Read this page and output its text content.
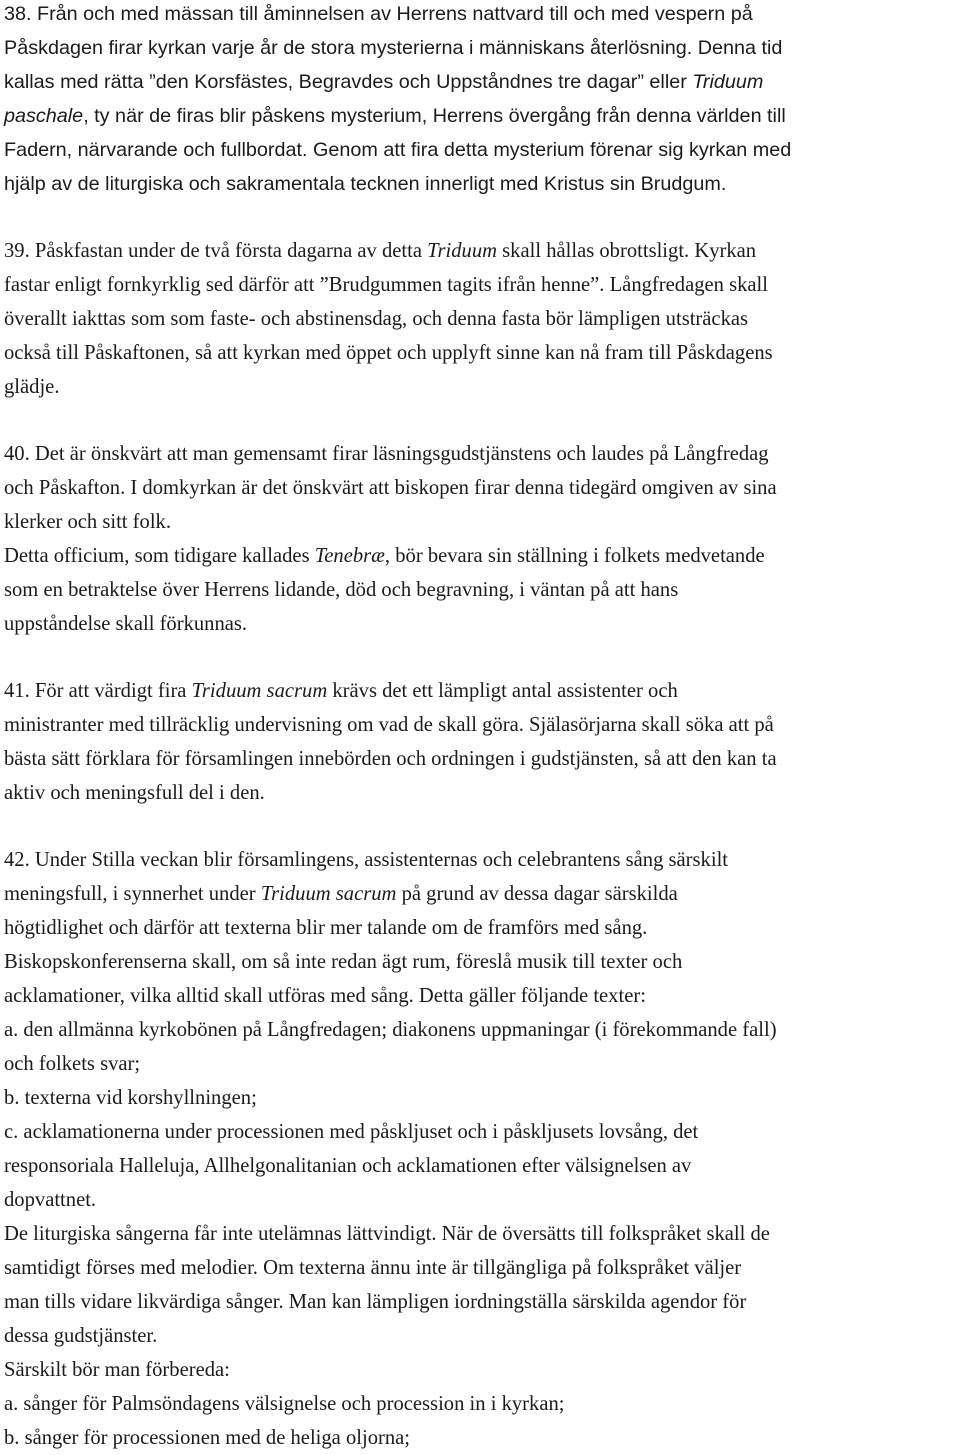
38. Från och med mässan till åminnelsen av Herrens nattvard till och med vespern på
Påskdagen firar kyrkan varje år de stora mysterierna i människans återlösning. Denna tid
kallas med rätta ”den Korsfästes, Begravdes och Uppståndnes tre dagar” eller Triduum
paschale, ty när de firas blir påskens mysterium, Herrens övergång från denna världen till
Fadern, närvarande och fullbordat. Genom att fira detta mysterium förenar sig kyrkan med
hjälp av de liturgiska och sakramentala tecknen innerligt med Kristus sin Brudgum.
39. Påskfastan under de två första dagarna av detta Triduum skall hållas obrottsligt. Kyrkan
fastar enligt fornkyrklig sed därför att ”Brudgummen tagits ifrån henne”. Långfredagen skall
överallt iakttas som som faste- och abstinensdag, och denna fasta bör lämpligen utsträckas
också till Påskaftonen, så att kyrkan med öppet och upplyft sinne kan nå fram till Påskdagens
glädje.
40. Det är önskvärt att man gemensamt firar läsningsgudstjänstens och laudes på Långfredag
och Påskafton. I domkyrkan är det önskvärt att biskopen firar denna tidegärd omgiven av sina
klerker och sitt folk.
Detta officium, som tidigare kallades Tenebræ, bör bevara sin ställning i folkets medvetande
som en betraktelse över Herrens lidande, död och begravning, i väntan på att hans
uppståndelse skall förkunnas.
41. För att värdigt fira Triduum sacrum krävs det ett lämpligt antal assistenter och
ministranter med tillräcklig undervisning om vad de skall göra. Själasörjarna skall söka att på
bästa sätt förklara för församlingen innebörden och ordningen i gudstjänsten, så att den kan ta
aktiv och meningsfull del i den.
42. Under Stilla veckan blir församlingens, assistenternas och celebrantens sång särskilt
meningsfull, i synnerhet under Triduum sacrum på grund av dessa dagar särskilda
högtidlighet och därför att texterna blir mer talande om de framförs med sång.
Biskopskonferenserna skall, om så inte redan ägt rum, föreslå musik till texter och
acklamationer, vilka alltid skall utföras med sång. Detta gäller följande texter:
a. den allmänna kyrkobönen på Långfredagen; diakonens uppmaningar (i förekommande fall)
och folkets svar;
b. texterna vid korshyllningen;
c. acklamationerna under processionen med påskljuset och i påskljusets lovsång, det
responsoriala Halleluja, Allhelgonalitanian och acklamationen efter välsignelsen av
dopvattnet.
De liturgiska sångerna får inte utelämnas lättvindigt. När de översätts till folkspråket skall de
samtidigt förses med melodier. Om texterna ännu inte är tillgängliga på folkspråket väljer
man tills vidare likvärdiga sånger. Man kan lämpligen iordningställa särskilda agendor för
dessa gudstjänster.
Särskilt bör man förbereda:
a. sånger för Palmsöndagens välsignelse och procession in i kyrkan;
b. sånger för processionen med de heliga oljorna;
